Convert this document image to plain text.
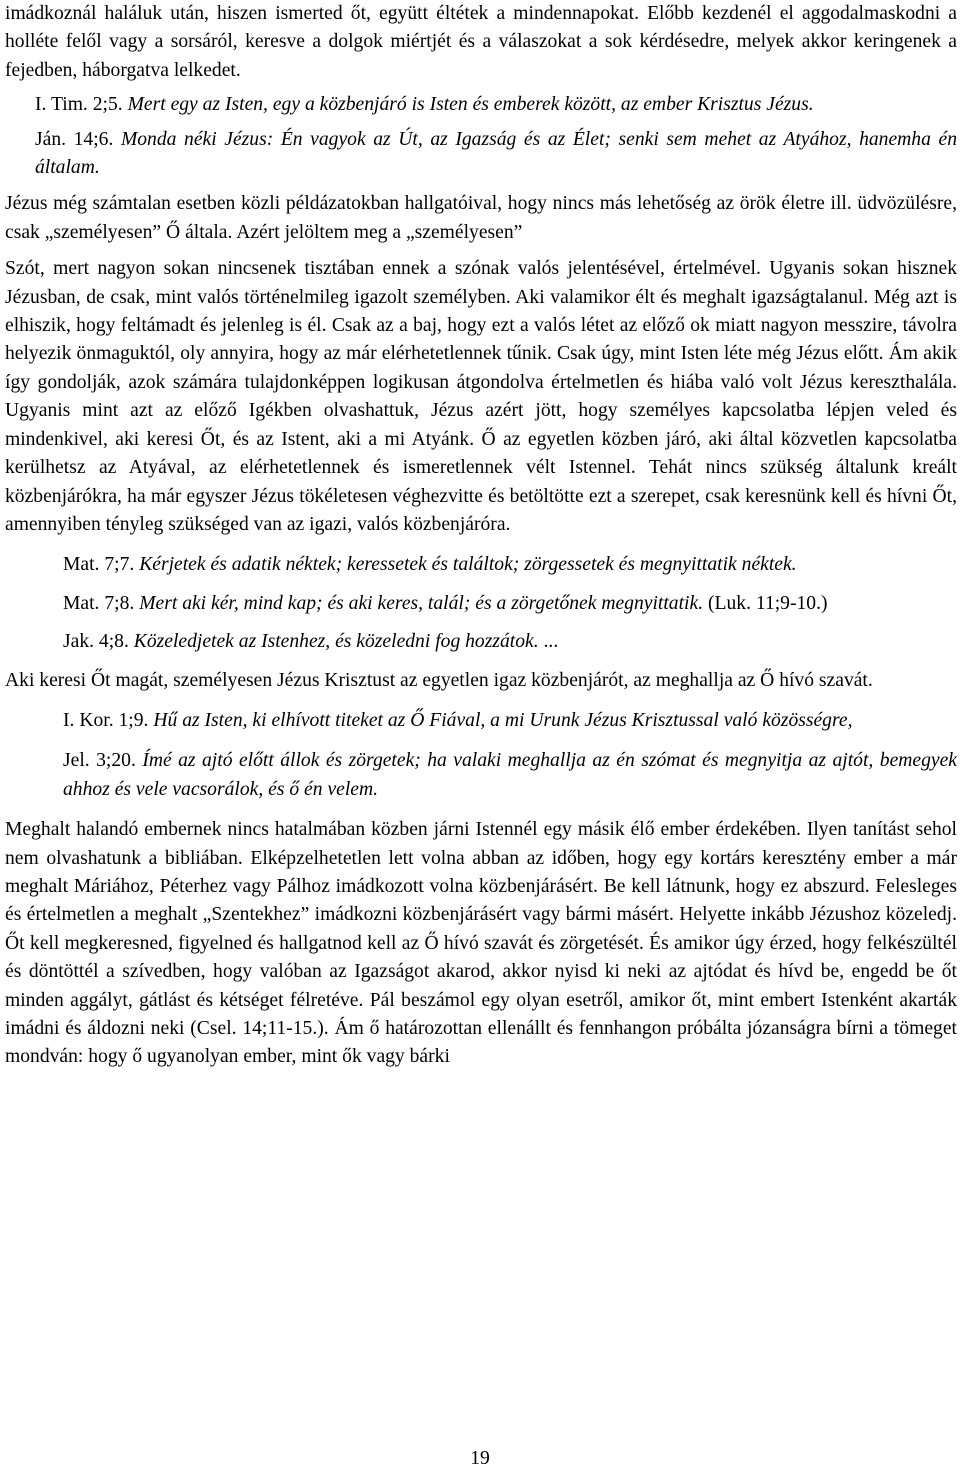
imádkoznál haláluk után, hiszen ismerted őt, együtt éltétek a mindennapokat. Előbb kezdenél el aggodalmaskodni a holléte felől vagy a sorsáról, keresve a dolgok miértjét és a válaszokat a sok kérdésedre, melyek akkor keringenek a fejedben, háborgatva lelkedet.

I. Tim. 2;5. Mert egy az Isten, egy a közbenjáró is Isten és emberek között, az ember Krisztus Jézus.

Ján. 14;6. Monda néki Jézus: Én vagyok az Út, az Igazság és az Élet; senki sem mehet az Atyához, hanemha én általam.

Jézus még számtalan esetben közli példázatokban hallgatóival, hogy nincs más lehetőség az örök életre ill. üdvözülésre, csak „személyesen” Ő általa. Azért jelöltem meg a „személyesen”

Szót, mert nagyon sokan nincsenek tisztában ennek a szónak valós jelentésével, értelmével. Ugyanis sokan hisznek Jézusban, de csak, mint valós történelmileg igazolt személyben. Aki valamikor élt és meghalt igazságtalanul. Még azt is elhiszik, hogy feltámadt és jelenleg is él. Csak az a baj, hogy ezt a valós létet az előző ok miatt nagyon messzire, távolra helyezik önmaguktól, oly annyira, hogy az már elérhetetlennek tűnik. Csak úgy, mint Isten léte még Jézus előtt. Ám akik így gondolják, azok számára tulajdonképpen logikusan átgondolva értelmetlen és hiába való volt Jézus kereszthalála. Ugyanis mint azt az előző Igékben olvashattuk, Jézus azért jött, hogy személyes kapcsolatba lépjen veled és mindenkivel, aki keresi Őt, és az Istent, aki a mi Atyánk. Ő az egyetlen közben járó, aki által közvetlen kapcsolatba kerülhetsz az Atyával, az elérhetetlennek és ismeretlennek vélt Istennel. Tehát nincs szükség általunk kreált közbenjárókra, ha már egyszer Jézus tökéletesen véghezvitte és betöltötte ezt a szerepet, csak keresnünk kell és hívni Őt, amennyiben tényleg szükséged van az igazi, valós közbenjáróra.

Mat. 7;7. Kérjetek és adatik néktek; keressetek és találtok; zörgessetek és megnyittatik néktek.

Mat. 7;8. Mert aki kér, mind kap; és aki keres, talál; és a zörgetőnek megnyittatik. (Luk. 11;9-10.)

Jak. 4;8. Közeledjetek az Istenhez, és közeledni fog hozzátok. ...

Aki keresi Őt magát, személyesen Jézus Krisztust az egyetlen igaz közbenjárót, az meghallja az Ő hívó szavát.

I. Kor. 1;9. Hű az Isten, ki elhívott titeket az Ő Fiával, a mi Urunk Jézus Krisztussal való közösségre,

Jel. 3;20. Ímé az ajtó előtt állok és zörgetek; ha valaki meghallja az én szómat és megnyitja az ajtót, bemegyek ahhoz és vele vacsorálok, és ő én velem.

Meghalt halandó embernek nincs hatalmában közben járni Istennél egy másik élő ember érdekében. Ilyen tanítást sehol nem olvashatunk a bibliában. Elképzelhetetlen lett volna abban az időben, hogy egy kortárs keresztény ember a már meghalt Máriához, Péterhez vagy Pálhoz imádkozott volna közbenjárásért. Be kell látnunk, hogy ez abszurd. Felesleges és értelmetlen a meghalt „Szentekhez” imádkozni közbenjárásért vagy bármi másért. Helyette inkább Jézushoz közeledj. Őt kell megkeresned, figyelned és hallgatnod kell az Ő hívó szavát és zörgetését. És amikor úgy érzed, hogy felkészültél és döntöttél a szívedben, hogy valóban az Igazságot akarod, akkor nyisd ki neki az ajtódat és hívd be, engedd be őt minden aggályt, gátlást és kétséget félretéve. Pál beszámol egy olyan esetről, amikor őt, mint embert Istenként akarták imádni és áldozni neki (Csel. 14;11-15.). Ám ő határozottan ellenállt és fennhangon próbálta józanságra bírni a tömeget mondván: hogy ő ugyanolyan ember, mint ők vagy bárki

19
